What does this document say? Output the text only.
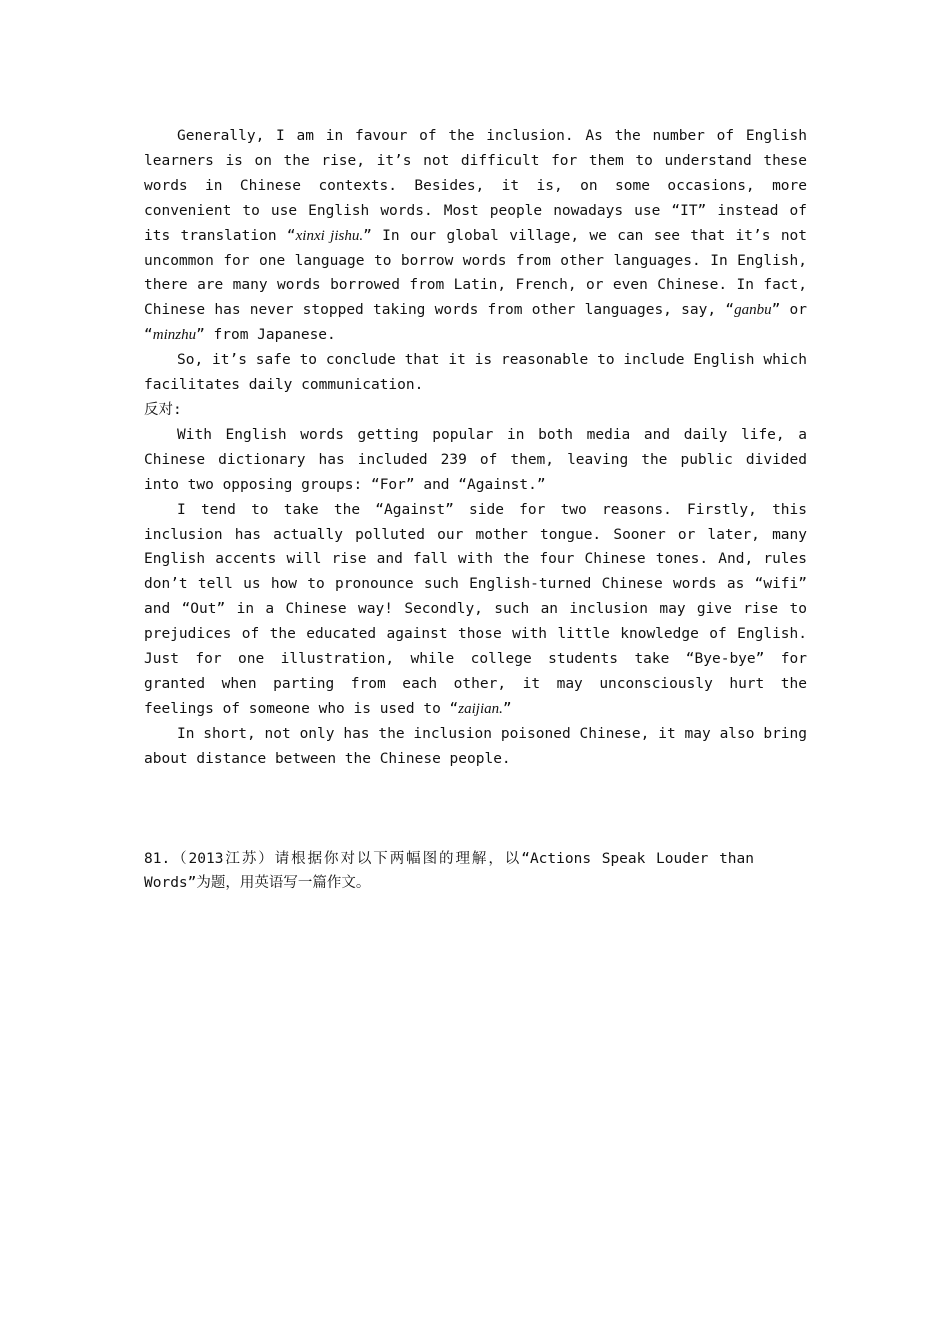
Generally, I am in favour of the inclusion. As the number of English learners is on the rise, it’s not difficult for them to understand these words in Chinese contexts. Besides, it is, on some occasions, more convenient to use English words. Most people nowadays use “IT” instead of its translation “xinxi jishu.” In our global village, we can see that it’s not uncommon for one language to borrow words from other languages. In English, there are many words borrowed from Latin, French, or even Chinese. In fact, Chinese has never stopped taking words from other languages, say, “ganbu” or “minzhu” from Japanese.

So, it’s safe to conclude that it is reasonable to include English which facilitates daily communication.

反对:

With English words getting popular in both media and daily life, a Chinese dictionary has included 239 of them, leaving the public divided into two opposing groups: “For” and “Against.”

I tend to take the “Against” side for two reasons. Firstly, this inclusion has actually polluted our mother tongue. Sooner or later, many English accents will rise and fall with the four Chinese tones. And, rules don’t tell us how to pronounce such English-turned Chinese words as “wifi” and “Out” in a Chinese way! Secondly, such an inclusion may give rise to prejudices of the educated against those with little knowledge of English. Just for one illustration, while college students take “Bye-bye” for granted when parting from each other, it may unconsciously hurt the feelings of someone who is used to “zaijian.”

In short, not only has the inclusion poisoned Chinese, it may also bring about distance between the Chinese people.

81.（2013江苏）请根据你对以下两幅图的理解，以“Actions Speak Louder than Words”为题，用英语写一篇作文。
